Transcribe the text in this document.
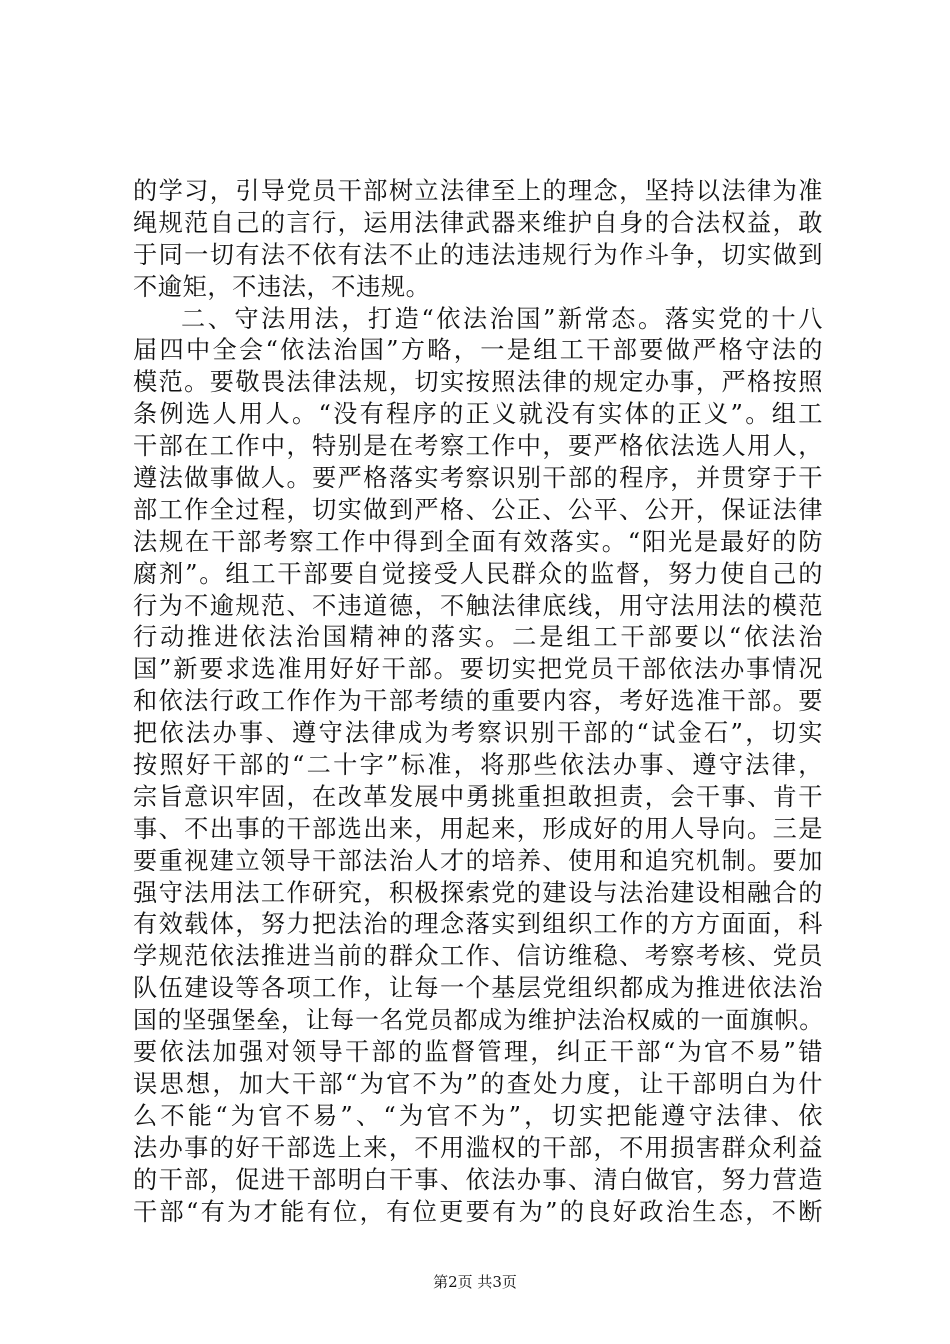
的学习，引导党员干部树立法律至上的理念，坚持以法律为准
绳规范自己的言行，运用法律武器来维护自身的合法权益，敢
于同一切有法不依有法不止的违法违规行为作斗争，切实做到
不逾矩，不违法，不违规。
二、守法用法，打造“依法治国”新常态。落实党的十八
届四中全会“依法治国”方略，一是组工干部要做严格守法的
模范。要敬畏法律法规，切实按照法律的规定办事，严格按照
条例选人用人。“没有程序的正义就没有实体的正义”。组工
干部在工作中，特别是在考察工作中，要严格依法选人用人，
遵法做事做人。要严格落实考察识别干部的程序，并贯穿于干
部工作全过程，切实做到严格、公正、公平、公开，保证法律
法规在干部考察工作中得到全面有效落实。“阳光是最好的防
腐剂”。组工干部要自觉接受人民群众的监督，努力使自己的
行为不逾规范、不违道德，不触法律底线，用守法用法的模范
行动推进依法治国精神的落实。二是组工干部要以“依法治
国”新要求选准用好好干部。要切实把党员干部依法办事情况
和依法行政工作作为干部考绩的重要内容，考好选准干部。要
把依法办事、遵守法律成为考察识别干部的“试金石”，切实
按照好干部的“二十字”标准，将那些依法办事、遵守法律，
宗旨意识牢固，在改革发展中勇挑重担敢担责，会干事、肯干
事、不出事的干部选出来，用起来，形成好的用人导向。三是
要重视建立领导干部法治人才的培养、使用和追究机制。要加
强守法用法工作研究，积极探索党的建设与法治建设相融合的
有效载体，努力把法治的理念落实到组织工作的方方面面，科
学规范依法推进当前的群众工作、信访维稳、考察考核、党员
队伍建设等各项工作，让每一个基层党组织都成为推进依法治
国的坚强堡垒，让每一名党员都成为维护法治权威的一面旗帜。
要依法加强对领导干部的监督管理，纠正干部“为官不易”错
误思想，加大干部“为官不为”的查处力度，让干部明白为什
么不能“为官不易”、“为官不为”，切实把能遵守法律、依
法办事的好干部选上来，不用滥权的干部，不用损害群众利益
的干部，促进干部明白干事、依法办事、清白做官，努力营造
干部“有为才能有位，有位更要有为”的良好政治生态，不断
第2页 共3页
